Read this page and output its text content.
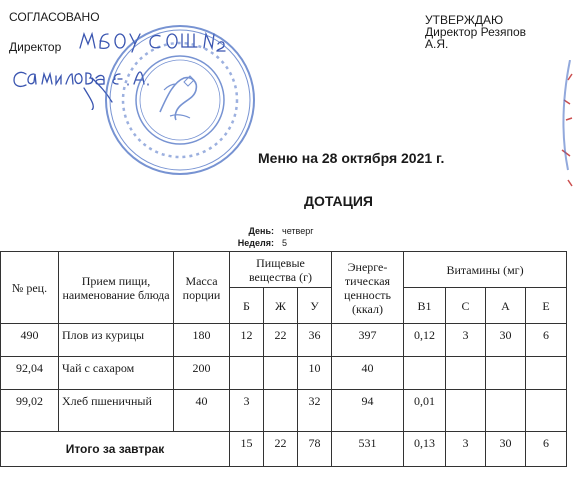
СОГЛАСОВАНО
Директор
УТВЕРЖДАЮ
Директор Резяпов
А.Я.
Меню на 28 октября 2021 г.
ДОТАЦИЯ
День: четверг
Неделя: 5
№ рец.	Прием пищи, наименование блюда	Масса порции	Пищевые вещества (г)			Энерге-тическая ценность (ккал)	Витамины (мг)			
			Б	Ж	У		В1	С	А	Е
490	Плов из курицы	180	12	22	36	397	0,12	3	30	6
92,04	Чай с сахаром	200			10	40				
99,02	Хлеб пшеничный	40	3		32	94	0,01			
Итого за завтрак			15	22	78	531	0,13	3	30	6
